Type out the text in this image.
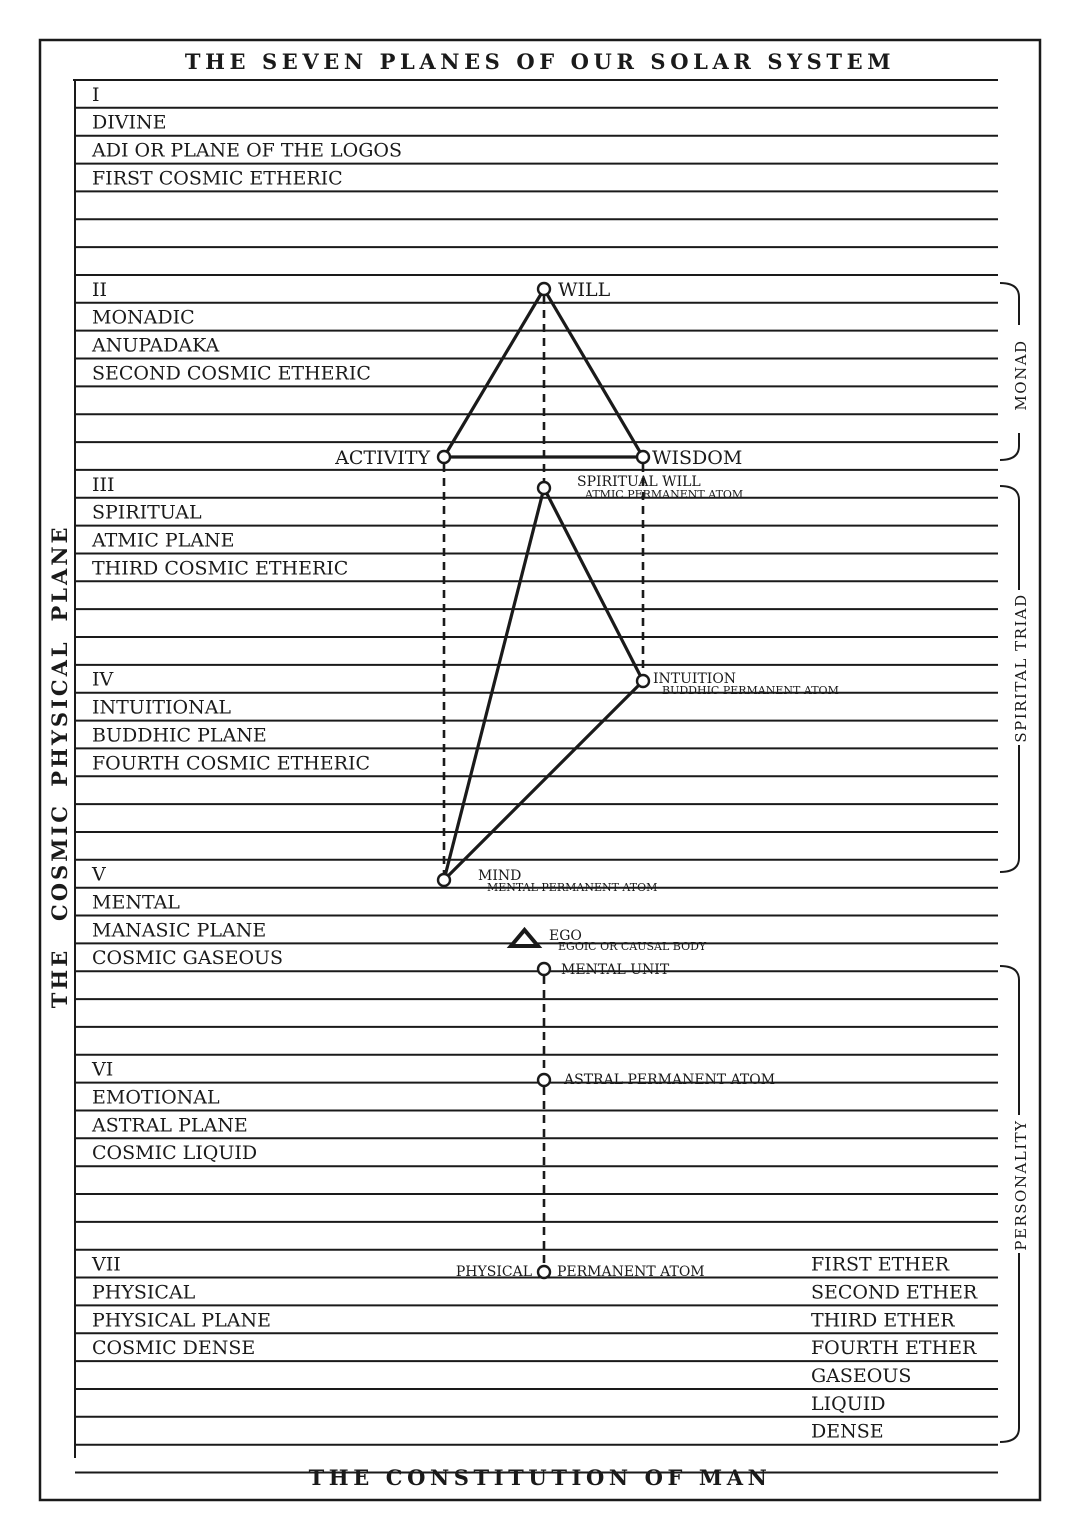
THE SEVEN PLANES OF OUR SOLAR SYSTEM
THE CONSTITUTION OF MAN
I
DIVINE
ADI OR PLANE OF THE LOGOS
FIRST COSMIC ETHERIC
II
MONADIC
ANUPADAKA
SECOND COSMIC ETHERIC
III
SPIRITUAL
ATMIC PLANE
THIRD COSMIC ETHERIC
IV
INTUITIONAL
BUDDHIC PLANE
FOURTH COSMIC ETHERIC
V
MENTAL
MANASIC PLANE
COSMIC GASEOUS
VI
EMOTIONAL
ASTRAL PLANE
COSMIC LIQUID
VII
PHYSICAL
PHYSICAL PLANE
COSMIC DENSE
FIRST ETHER
SECOND ETHER
THIRD ETHER
FOURTH ETHER
GASEOUS
LIQUID
DENSE
THE
COSMIC
PHYSICAL
PLANE
WILL
ACTIVITY	WISDOM
SPIRITUAL WILL
ATMIC PERMANENT ATOM
INTUITION
BUDDHIC PERMANENT ATOM
MIND
MENTAL PERMANENT ATOM
EGO
EGOIC OR CAUSAL BODY
MENTAL UNIT
ASTRAL PERMANENT ATOM
PHYSICAL PERMANENT ATOM
MONAD
SPIRITAL TRIAD
PERSONALITY
